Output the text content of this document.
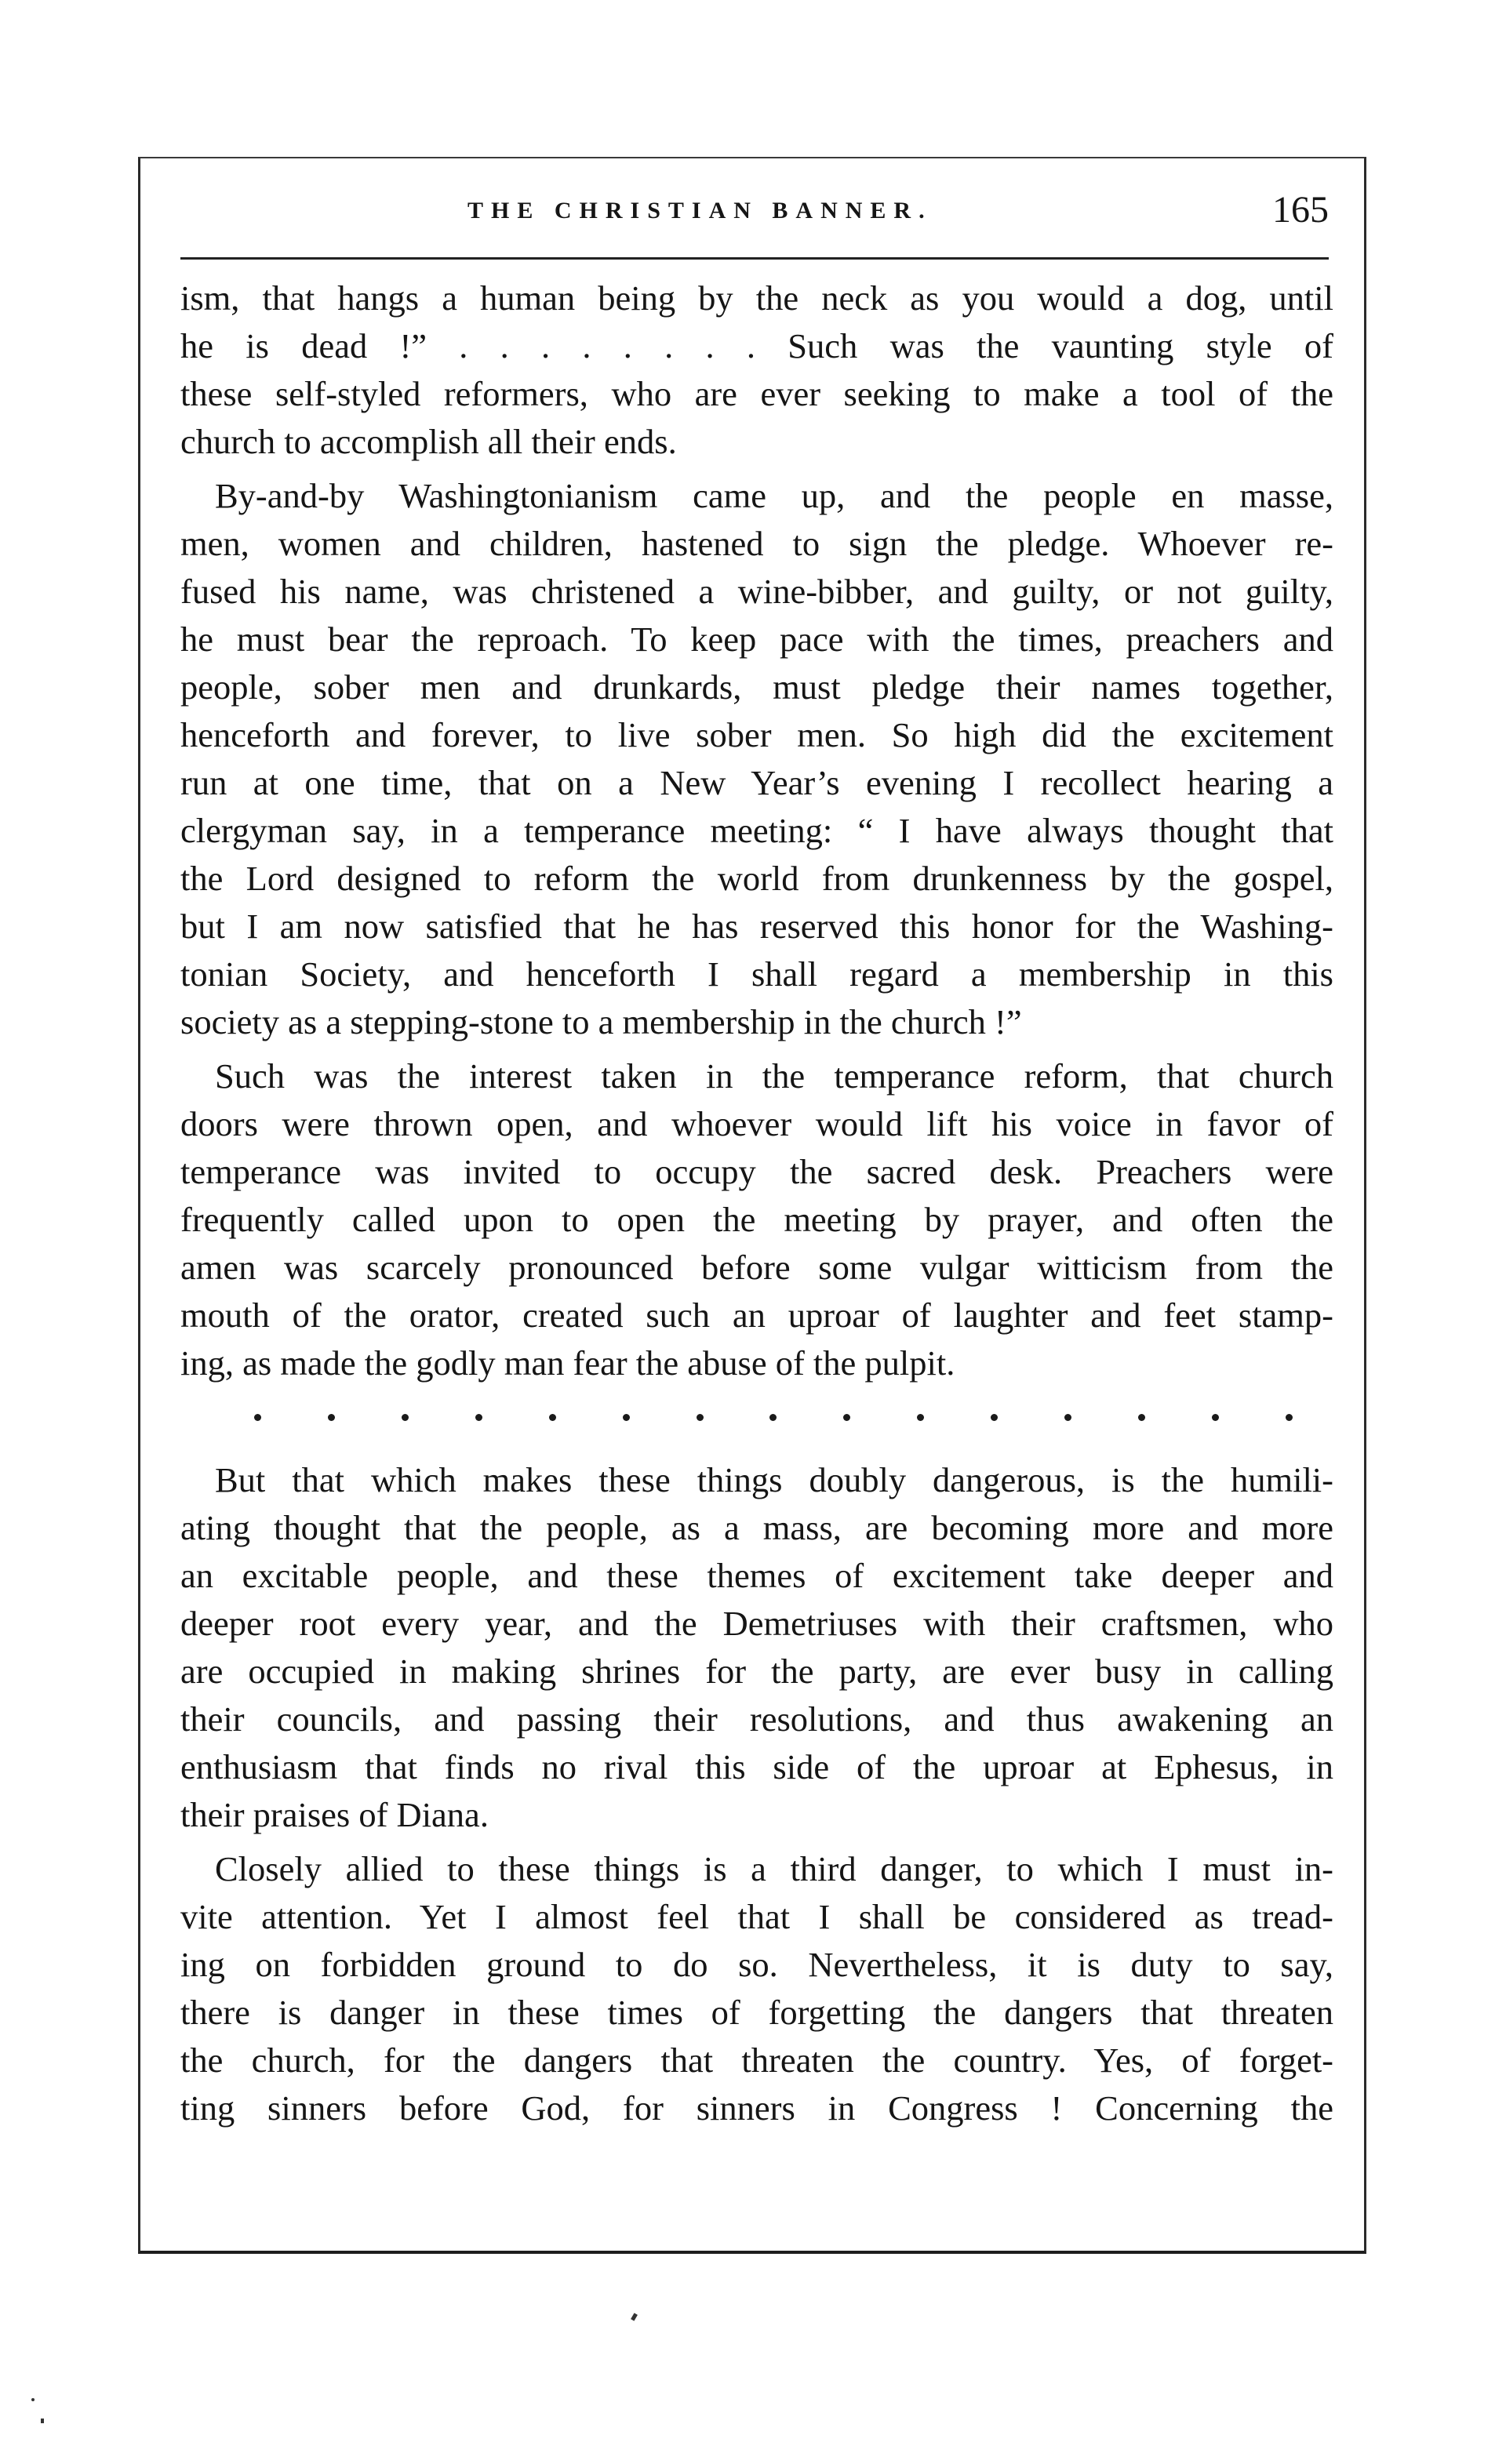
THE CHRISTIAN BANNER.	165
ism, that hangs a human being by the neck as you would a dog, until
he is dead !” . . . . . . . . Such was the vaunting style of
these self-styled reformers, who are ever seeking to make a tool of the
church to accomplish all their ends.
By-and-by Washingtonianism came up, and the people en masse,
men, women and children, hastened to sign the pledge. Whoever re-
fused his name, was christened a wine-bibber, and guilty, or not guilty,
he must bear the reproach. To keep pace with the times, preachers and
people, sober men and drunkards, must pledge their names together,
henceforth and forever, to live sober men. So high did the excitement
run at one time, that on a New Year’s evening I recollect hearing a
clergyman say, in a temperance meeting: “ I have always thought that
the Lord designed to reform the world from drunkenness by the gospel,
but I am now satisfied that he has reserved this honor for the Washing-
tonian Society, and henceforth I shall regard a membership in this
society as a stepping-stone to a membership in the church !”
Such was the interest taken in the temperance reform, that church
doors were thrown open, and whoever would lift his voice in favor of
temperance was invited to occupy the sacred desk. Preachers were
frequently called upon to open the meeting by prayer, and often the
amen was scarcely pronounced before some vulgar witticism from the
mouth of the orator, created such an uproar of laughter and feet stamp-
ing, as made the godly man fear the abuse of the pulpit.
But that which makes these things doubly dangerous, is the humili-
ating thought that the people, as a mass, are becoming more and more
an excitable people, and these themes of excitement take deeper and
deeper root every year, and the Demetriuses with their craftsmen, who
are occupied in making shrines for the party, are ever busy in calling
their councils, and passing their resolutions, and thus awakening an
enthusiasm that finds no rival this side of the uproar at Ephesus, in
their praises of Diana.
Closely allied to these things is a third danger, to which I must in-
vite attention. Yet I almost feel that I shall be considered as tread-
ing on forbidden ground to do so. Nevertheless, it is duty to say,
there is danger in these times of forgetting the dangers that threaten
the church, for the dangers that threaten the country. Yes, of forget-
ting sinners before God, for sinners in Congress ! Concerning the
